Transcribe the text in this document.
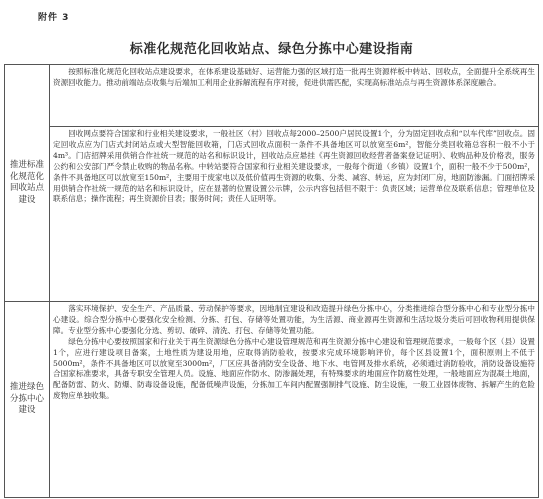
附件 3
标准化规范化回收站点、绿色分拣中心建设指南
推进标准化规范化回收站点建设	按照标准化规范化回收站点建设要求，在体系建设基础好、运营能力强的区域打造一批再生资源样板中转站、回收点，全面提升全系统再生资源回收能力。推动前端站点收集与后端加工利用企业拆解流程有序对接，促进供需匹配，实现高标准站点与再生资源体系深度融合。

	回收网点要符合国家和行业相关建设要求，一般社区（村）回收点每2000–2500户居民设置1个，分为固定回收点和“以车代库”回收点。固定回收点应为门店式封闭站点或大型智能回收箱，门店式回收点面积一条件不具备地区可以放宽至6m²，智能分类回收箱总容积一般不小于4m³。门店招牌采用供销合作社统一规范的站名和标识设计，回收站点应悬挂《再生资源回收经营者备案登记证明》、收购品种及价格表，服务公约和公安部门严令禁止收购的物品名称。中转站要符合国家和行业相关建设要求，一般每个街道（乡镇）设置1个，面积一般不少于500m²，条件不具备地区可以放宽至150m²，主要用于废家电以及低价值再生资源的收集、分类、减容、转运，应为封闭厂房，地面防渗漏。门面招牌采用供销合作社统一规范的站名和标识设计，应在显著的位置设置公示牌，公示内容包括但不限于：负责区域；运营单位及联系信息；管理单位及联系信息；操作流程；再生资源价目表；服务时间；责任人证明等。

推进绿色分拣中心建设	落实环境保护、安全生产、产品质量、劳动保护等要求，因地制宜建设和改造提升绿色分拣中心，分类推进综合型分拣中心和专业型分拣中心建设。综合型分拣中心要强化安全检测、分拣、打包、存储等处置功能，为生活源、商业源再生资源和生活垃圾分类后可回收物利用提供保障。专业型分拣中心要强化分选、剪切、破碎、清洗、打包、存储等处置功能。

绿色分拣中心要按照国家和行业关于再生资源绿色分拣中心建设管理规范和再生资源分拣中心建设和管理规范要求，一般每个区（县）设置1个，应进行建设项目备案，土地性质为建设用地，应取得消防验收，按要求完成环境影响评价，每个区县设置1个，面积原则上不低于5000m²，条件不具备地区可以放宽至3000m²，厂区应具备消防安全设备、地下水、电管网及排水系统，必须通过消防验收，消防设备设施符合国家标准要求，具备专职安全管理人员。设施、地面应作防水、防渗漏处理，有特殊要求的地面应作防腐性处理，一般地面应为混凝土地面，配备防雷、防火、防爆、防毒设备设施，配备低噪声设施，分拣加工车间内配置强制排气设施、防尘设施，一般工业固体废物、拆解产生的危险废物应单独收集。
